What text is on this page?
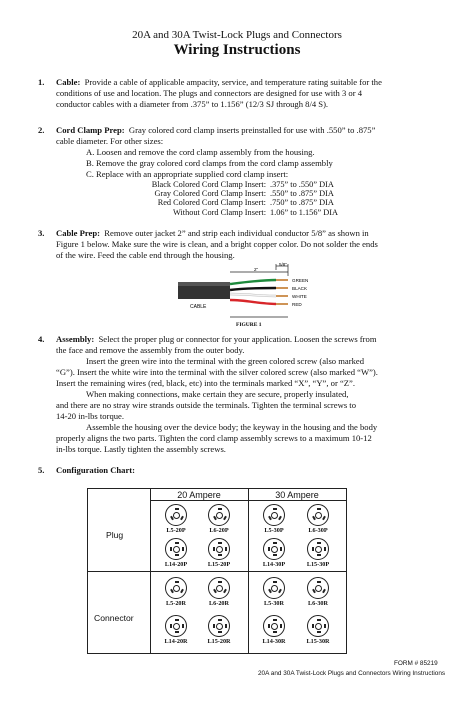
20A and 30A Twist-Lock Plugs and Connectors
Wiring Instructions
1. Cable: Provide a cable of applicable ampacity, service, and temperature rating suitable for the
conditions of use and location. The plugs and connectors are designed for use with 3 or 4
conductor cables with a diameter from .375” to 1.156” (12/3 SJ through 8/4 S).
2. Cord Clamp Prep: Gray colored cord clamp inserts preinstalled for use with .550” to .875”
cable diameter. For other sizes:
A. Loosen and remove the cord clamp assembly from the housing.
B. Remove the gray colored cord clamps from the cord clamp assembly
C. Replace with an appropriate supplied cord clamp insert:
Black Colored Cord Clamp Insert:	.375” to .550” DIA
Gray Colored Cord Clamp Insert:	.550” to .875” DIA
Red Colored Cord Clamp Insert:	.750” to .875” DIA
Without Cord Clamp Insert:	1.06” to 1.156” DIA
3. Cable Prep: Remove outer jacket 2” and strip each individual conductor 5/8” as shown in
Figure 1 below. Make sure the wire is clean, and a bright copper color. Do not solder the ends
of the wire. Feed the cable end through the housing.
5/8"
2"
CABLE
GREEN
BLACK
WHITE
RED
FIGURE 1
4. Assembly: Select the proper plug or connector for your application. Loosen the screws from
the face and remove the assembly from the outer body.
Insert the green wire into the terminal with the green colored screw (also marked
“G”). Insert the white wire into the terminal with the silver colored screw (also marked “W”).
Insert the remaining wires (red, black, etc) into the terminals marked “X”, “Y”, or “Z”.
When making connections, make certain they are secure, properly insulated,
and there are no stray wire strands outside the terminals. Tighten the terminal screws to
14-20 in-lbs torque.
Assemble the housing over the device body; the keyway in the housing and the body
properly aligns the two parts. Tighten the cord clamp assembly screws to a maximum 10-12
in-lbs torque. Lastly tighten the assembly screws.
5. Configuration Chart:
20 Ampere	30 Ampere
Plug
Connector
L5-20P	L6-20P	L5-30P	L6-30P
L14-20P	L15-20P	L14-30P	L15-30P
L5-20R	L6-20R	L5-30R	L6-30R
L14-20R	L15-20R	L14-30R	L15-30R
FORM # 85219
20A and 30A Twist-Lock Plugs and Connectors Wiring Instructions
